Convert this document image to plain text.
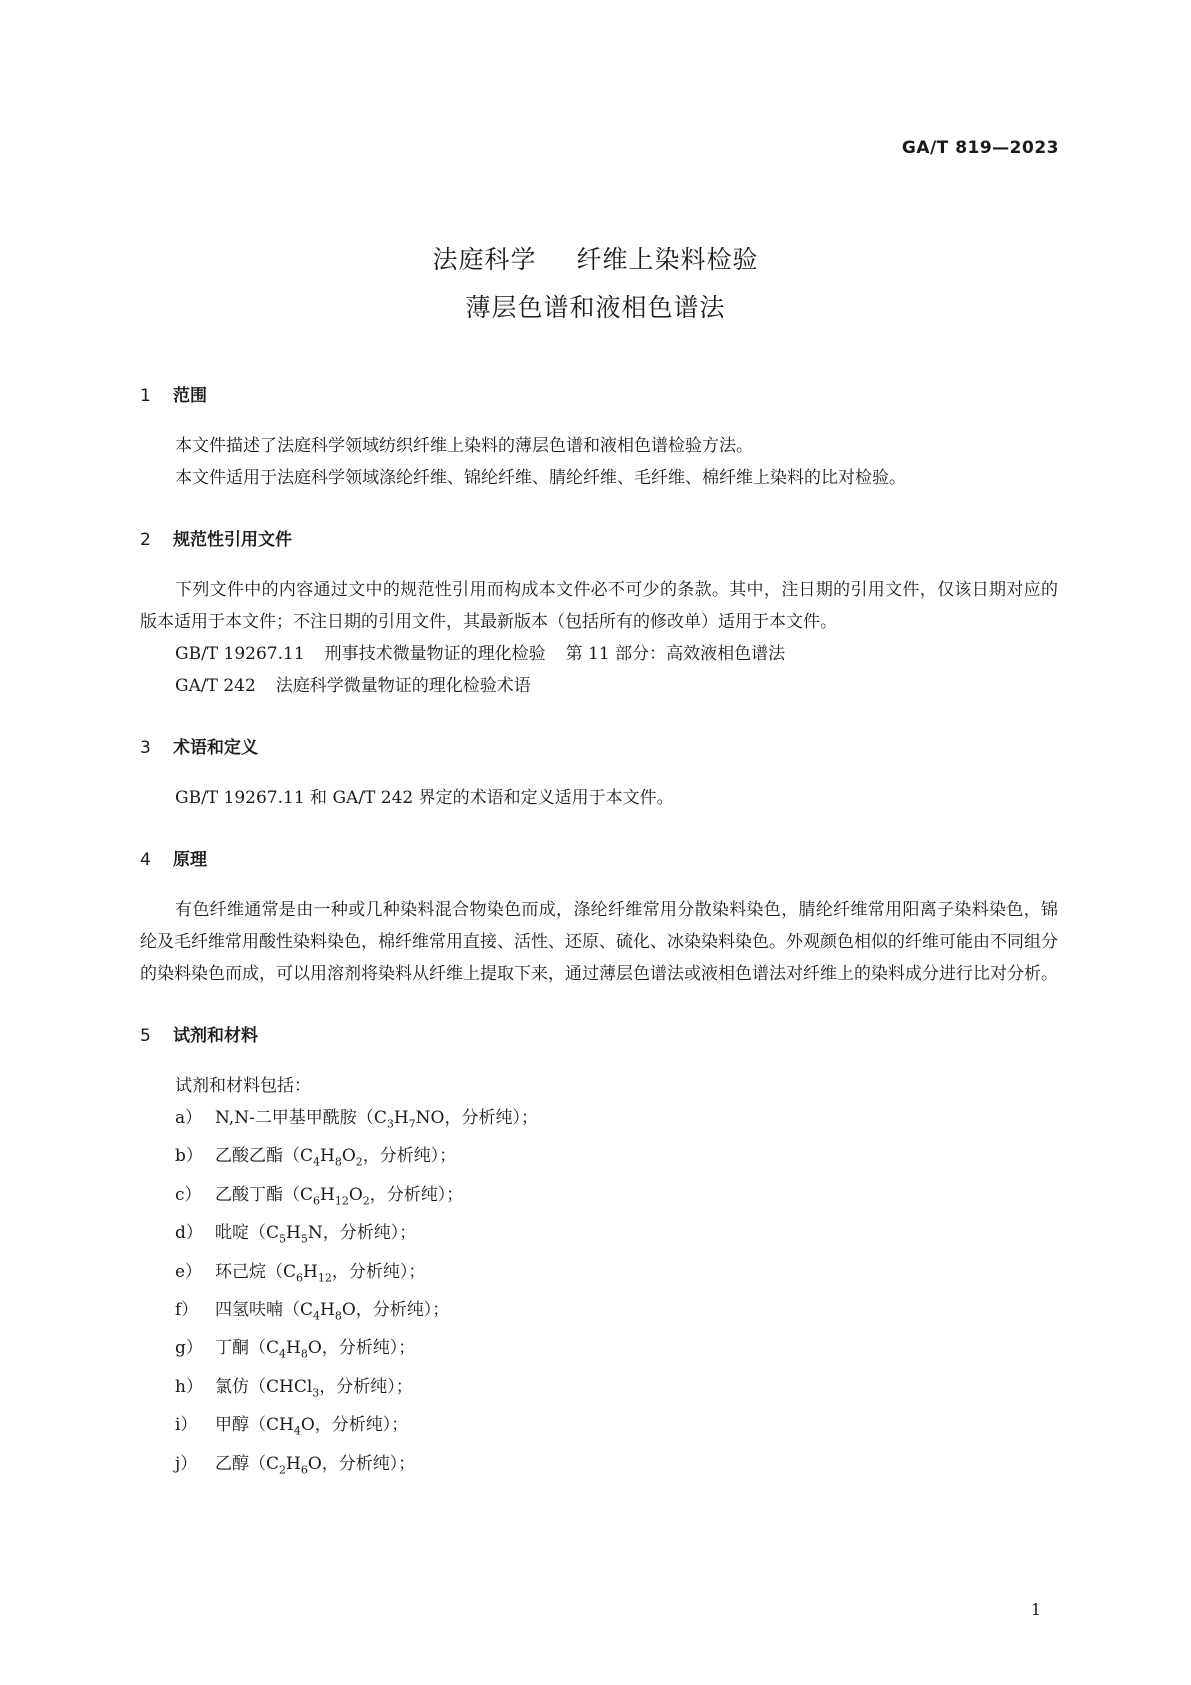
GA/T 819—2023
法庭科学 纤维上染料检验
薄层色谱和液相色谱法

1 范围

本文件描述了法庭科学领域纺织纤维上染料的薄层色谱和液相色谱检验方法。

本文件适用于法庭科学领域涤纶纤维、锦纶纤维、腈纶纤维、毛纤维、棉纤维上染料的比对检验。

2 规范性引用文件

下列文件中的内容通过文中的规范性引用而构成本文件必不可少的条款。其中，注日期的引用文件，仅该日期对应的版本适用于本文件；不注日期的引用文件，其最新版本（包括所有的修改单）适用于本文件。

GB/T 19267.11 刑事技术微量物证的理化检验 第 11 部分：高效液相色谱法

GA/T 242 法庭科学微量物证的理化检验术语

3 术语和定义

GB/T 19267.11 和 GA/T 242 界定的术语和定义适用于本文件。

4 原理

有色纤维通常是由一种或几种染料混合物染色而成，涤纶纤维常用分散染料染色，腈纶纤维常用阳离子染料染色，锦纶及毛纤维常用酸性染料染色，棉纤维常用直接、活性、还原、硫化、冰染染料染色。外观颜色相似的纤维可能由不同组分的染料染色而成，可以用溶剂将染料从纤维上提取下来，通过薄层色谱法或液相色谱法对纤维上的染料成分进行比对分析。

5 试剂和材料

试剂和材料包括：

a） N,N-二甲基甲酰胺（$C_3H_7NO$，分析纯）；

b） 乙酸乙酯（$C_4H_8O_2$，分析纯）；

c） 乙酸丁酯（$C_6H_{12}O_2$，分析纯）；

d） 吡啶（$C_5H_5N$，分析纯）；

e） 环己烷（$C_6H_{12}$，分析纯）；

f） 四氢呋喃（$C_4H_8O$，分析纯）；

g） 丁酮（$C_4H_8O$，分析纯）；

h） 氯仿（CHCl$_3$，分析纯）；

i） 甲醇（$CH_4O$，分析纯）；

j） 乙醇（$C_2H_6O$，分析纯）；

1
